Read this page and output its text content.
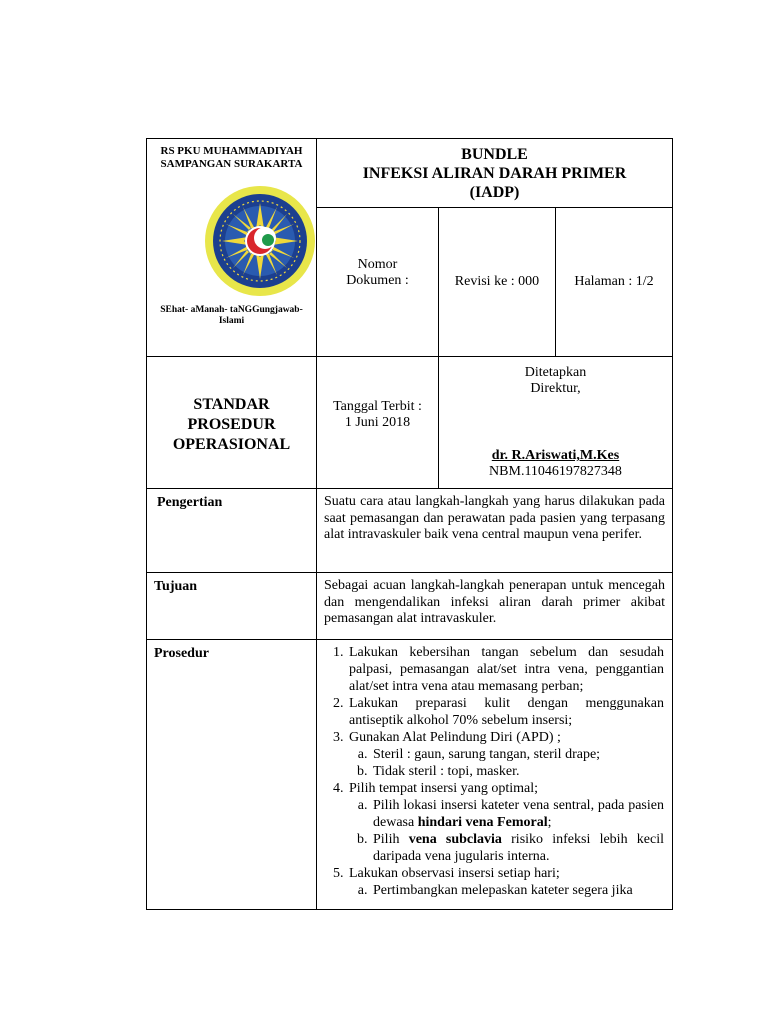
RS PKU MUHAMMADIYAH
SAMPANGAN SURAKARTA
SEhat- aManah- taNGGungjawab-
Islami
BUNDLE
INFEKSI ALIRAN DARAH PRIMER
(IADP)
Nomor
Dokumen :	Revisi ke : 000	Halaman : 1/2
STANDAR
PROSEDUR
OPERASIONAL
Tanggal Terbit :
1 Juni 2018
Ditetapkan
Direktur,
dr. R.Ariswati,M.Kes
NBM.11046197827348
Pengertian	Suatu cara atau langkah-langkah yang harus dilakukan pada saat pemasangan dan perawatan pada pasien yang terpasang alat intravaskuler baik vena central maupun vena perifer.
Tujuan	Sebagai acuan langkah-langkah penerapan untuk mencegah dan mengendalikan infeksi aliran darah primer akibat pemasangan alat intravaskuler.
Prosedur
1.	Lakukan kebersihan tangan sebelum dan sesudah palpasi, pemasangan alat/set intra vena, penggantian alat/set intra vena atau memasang perban;
2. Lakukan preparasi kulit dengan menggunakan antiseptik alkohol 70% sebelum insersi;
3. Gunakan Alat Pelindung Diri (APD) ;
a. Steril : gaun, sarung tangan, steril drape;
b. Tidak steril : topi, masker.
4. Pilih tempat insersi yang optimal;
a. Pilih lokasi insersi kateter vena sentral, pada pasien dewasa hindari vena Femoral;
b. Pilih vena subclavia risiko infeksi lebih kecil daripada vena jugularis interna.
5. Lakukan observasi insersi setiap hari;
a. Pertimbangkan melepaskan kateter segera jika
